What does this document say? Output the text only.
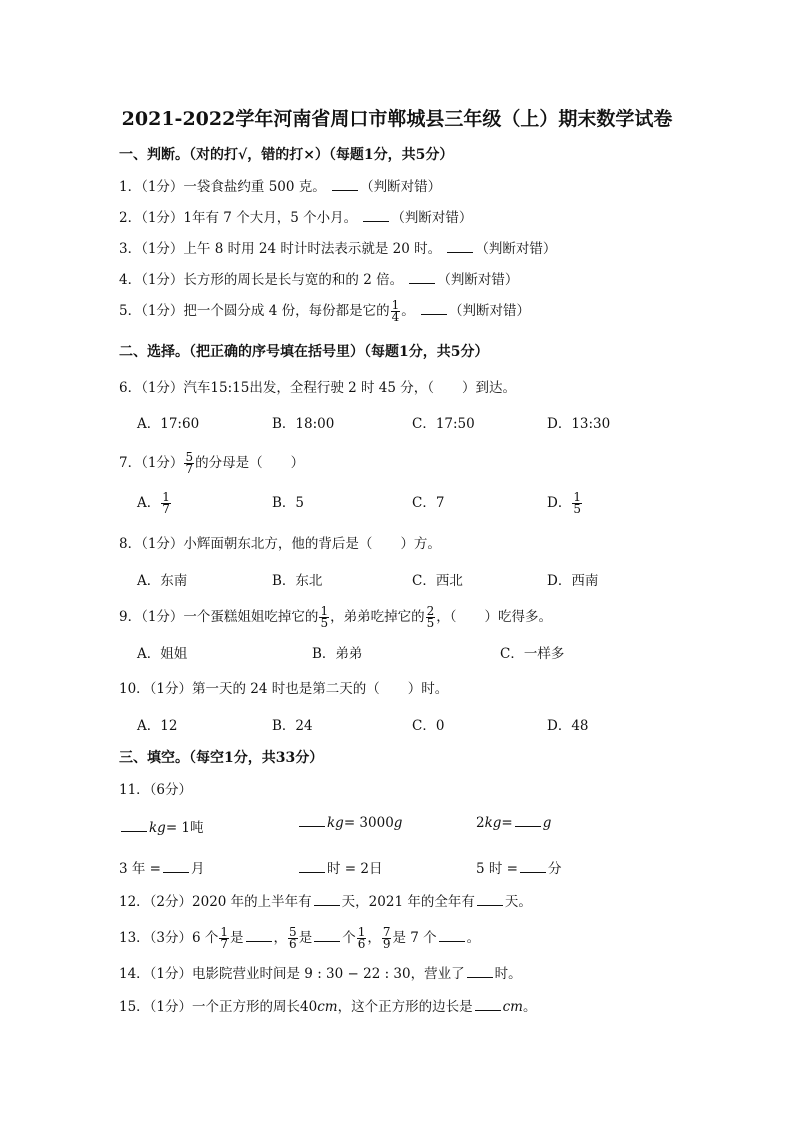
2021-2022学年河南省周口市郸城县三年级（上）期末数学试卷
一、判断。（对的打√，错的打×）（每题1分，共5分）
1．（1分）一袋食盐约重 500 克。	（判断对错）
2．（1分）1年有 7 个大月，5 个小月。	（判断对错）
3．（1分）上午 8 时用 24 时计时法表示就是 20 时。	（判断对错）
4．（1分）长方形的周长是长与宽的和的 2 倍。	（判断对错）
5．（1分）把一个圆分成 4 份，每份都是它的 $\frac{1}{4}$ 。	（判断对错）
二、选择。（把正确的序号填在括号里）（每题1分，共5分）
6．（1分）汽车15:15出发，全程行驶 2 时 45 分，（ ）到达。
A．17:60	B．18:00	C．17:50	D．13:30
7．（1分） $\frac{5}{7}$ 的分母是（ ）
A． $\frac{1}{7}$	B．5	C．7	D． $\frac{1}{5}$
8．（1分）小辉面朝东北方，他的背后是（ ）方。
A．东南	B．东北	C．西北	D．西南
9．（1分）一个蛋糕姐姐吃掉它的 $\frac{1}{5}$ ，弟弟吃掉它的 $\frac{2}{5}$ ，（ ）吃得多。
A．姐姐	B．弟弟	C．一样多
10．（1分）第一天的 24 时也是第二天的（ ）时。
A．12	B．24	C．0	D．48
三、填空。（每空1分，共33分）
11．（6分）
kg= 1吨	kg= 3000g	2kg= g
3 年 = 月	时 = 2日	5 时 = 分
12．（2分）2020 年的上半年有 天，2021 年的全年有 天。
13．（3分）6 个 $\frac{1}{7}$ 是 ， $\frac{5}{6}$ 是 个 $\frac{1}{6}$ ， $\frac{7}{9}$ 是 7 个 。
14．（1分）电影院营业时间是 9 : 30 − 22 : 30，营业了 时。
15．（1分）一个正方形的周长40cm，这个正方形的边长是 cm。
